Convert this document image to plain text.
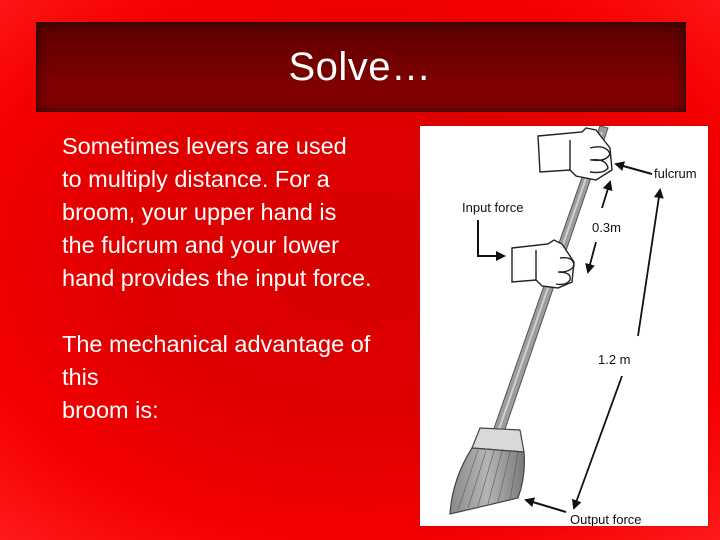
Solve…
Sometimes levers are used
to multiply distance. For a
broom, your upper hand is
the fulcrum and your lower
hand provides the input force.
The mechanical advantage of
this
broom is:
fulcrum
Input force
0.3m
1.2 m
Output force
